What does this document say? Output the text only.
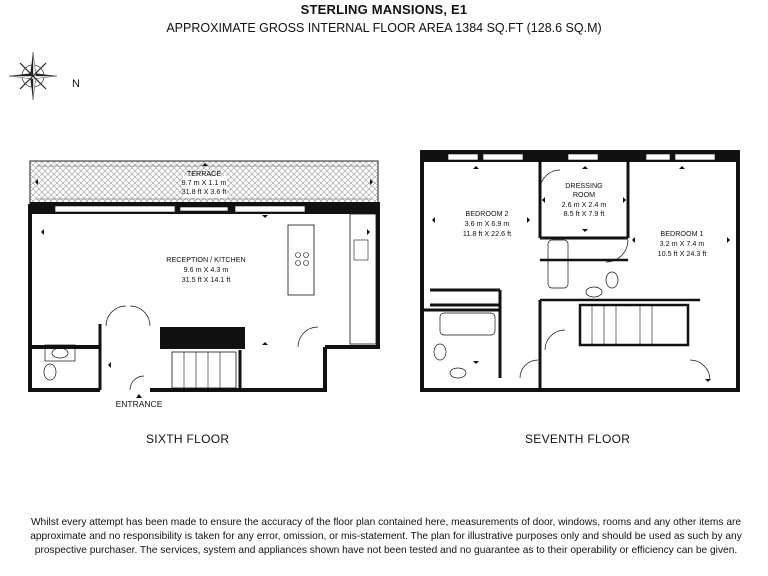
STERLING MANSIONS, E1
APPROXIMATE GROSS INTERNAL FLOOR AREA 1384 SQ.FT (128.6 SQ.M)
N
TERRACE
9.7 m X 1.1 m
31.8 ft X 3.6 ft
RECEPTION / KITCHEN
9.6 m X 4.3 m
31.5 ft X 14.1 ft
BEDROOM 2
3.6 m X 6.9 m
11.8 ft X 22.6 ft
DRESSING
ROOM
2.6 m X 2.4 m
8.5 ft X 7.9 ft
BEDROOM 1
3.2 m X 7.4 m
10.5 ft X 24.3 ft
ENTRANCE
SIXTH FLOOR	SEVENTH FLOOR
Whilst every attempt has been made to ensure the accuracy of the floor plan contained here, measurements of door, windows, rooms and any other items are approximate and no responsibility is taken for any error, omission, or mis-statement. The plan for illustrative purposes only and should be used as such by any prospective purchaser. The services, system and appliances shown have not been tested and no guarantee as to their operability or efficiency can be given.
